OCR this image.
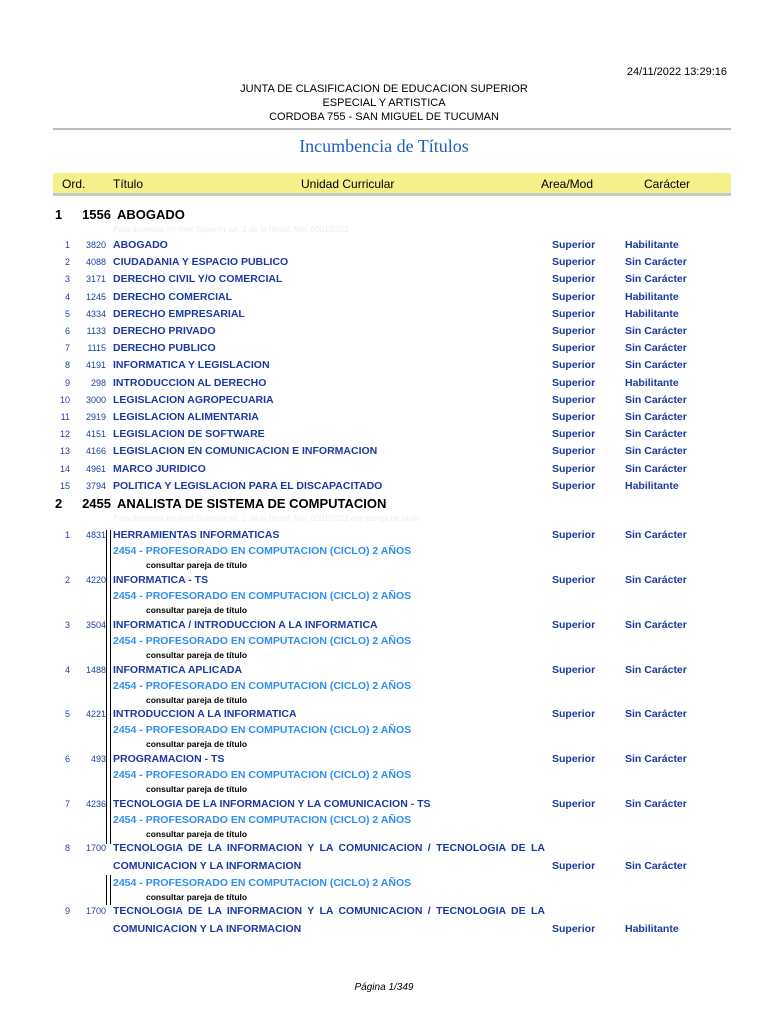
24/11/2022 13:29:16
JUNTA DE CLASIFICACION DE EDUCACION SUPERIOR
ESPECIAL Y ARTISTICA
CORDOBA 755 - SAN MIGUEL DE TUCUMAN
Incumbencia de Títulos
Ord. Título	Unidad Curricular	Area/Mod	Carácter
1 1556 ABOGADO
Para docencia en nivel Superior art. 1 de la Resol. Nro. 0001/2022
1	3820 ABOGADO	Superior	Habilitante
2	4088 CIUDADANIA Y ESPACIO PUBLICO	Superior	Sin Carácter
3	3171 DERECHO CIVIL Y/O COMERCIAL	Superior	Sin Carácter
4	1245 DERECHO COMERCIAL	Superior	Habilitante
5	4334 DERECHO EMPRESARIAL	Superior	Habilitante
6	1133 DERECHO PRIVADO	Superior	Sin Carácter
7	1115 DERECHO PUBLICO	Superior	Sin Carácter
8	4191 INFORMATICA Y LEGISLACION	Superior	Sin Carácter
9	298 INTRODUCCION AL DERECHO	Superior	Habilitante
10	3000 LEGISLACION AGROPECUARIA	Superior	Sin Carácter
11	2919 LEGISLACION ALIMENTARIA	Superior	Sin Carácter
12	4151 LEGISLACION DE SOFTWARE	Superior	Sin Carácter
13	4166 LEGISLACION EN COMUNICACION E INFORMACION	Superior	Sin Carácter
14	4961 MARCO JURIDICO	Superior	Sin Carácter
15	3794 POLITICA Y LEGISLACION PARA EL DISCAPACITADO	Superior	Habilitante
2 2455 ANALISTA DE SISTEMA DE COMPUTACION
Para docencia en nivel Superior art. 1 de la Resol. Nro. 0001/2022 con pareja de título
1	4831 HERRAMIENTAS INFORMATICAS	Superior	Sin Carácter
2454 - PROFESORADO EN COMPUTACION (CICLO) 2 AÑOS
consultar pareja de título
2	4220 INFORMATICA - TS	Superior	Sin Carácter
2454 - PROFESORADO EN COMPUTACION (CICLO) 2 AÑOS
consultar pareja de título
3	3504 INFORMATICA / INTRODUCCION A LA INFORMATICA	Superior	Sin Carácter
2454 - PROFESORADO EN COMPUTACION (CICLO) 2 AÑOS
consultar pareja de título
4	1488 INFORMATICA APLICADA	Superior	Sin Carácter
2454 - PROFESORADO EN COMPUTACION (CICLO) 2 AÑOS
consultar pareja de título
5	4221 INTRODUCCION A LA INFORMATICA	Superior	Sin Carácter
2454 - PROFESORADO EN COMPUTACION (CICLO) 2 AÑOS
consultar pareja de título
6	493 PROGRAMACION - TS	Superior	Sin Carácter
2454 - PROFESORADO EN COMPUTACION (CICLO) 2 AÑOS
consultar pareja de título
7	4236 TECNOLOGIA DE LA INFORMACION Y LA COMUNICACION - TS	Superior	Sin Carácter
2454 - PROFESORADO EN COMPUTACION (CICLO) 2 AÑOS
consultar pareja de título
8	1700 TECNOLOGIA DE LA INFORMACION Y LA COMUNICACION / TECNOLOGIA DE LA
COMUNICACION Y LA INFORMACION	Superior	Sin Carácter
2454 - PROFESORADO EN COMPUTACION (CICLO) 2 AÑOS
consultar pareja de título
9	1700 TECNOLOGIA DE LA INFORMACION Y LA COMUNICACION / TECNOLOGIA DE LA
COMUNICACION Y LA INFORMACION	Superior	Habilitante
Página 1/349
